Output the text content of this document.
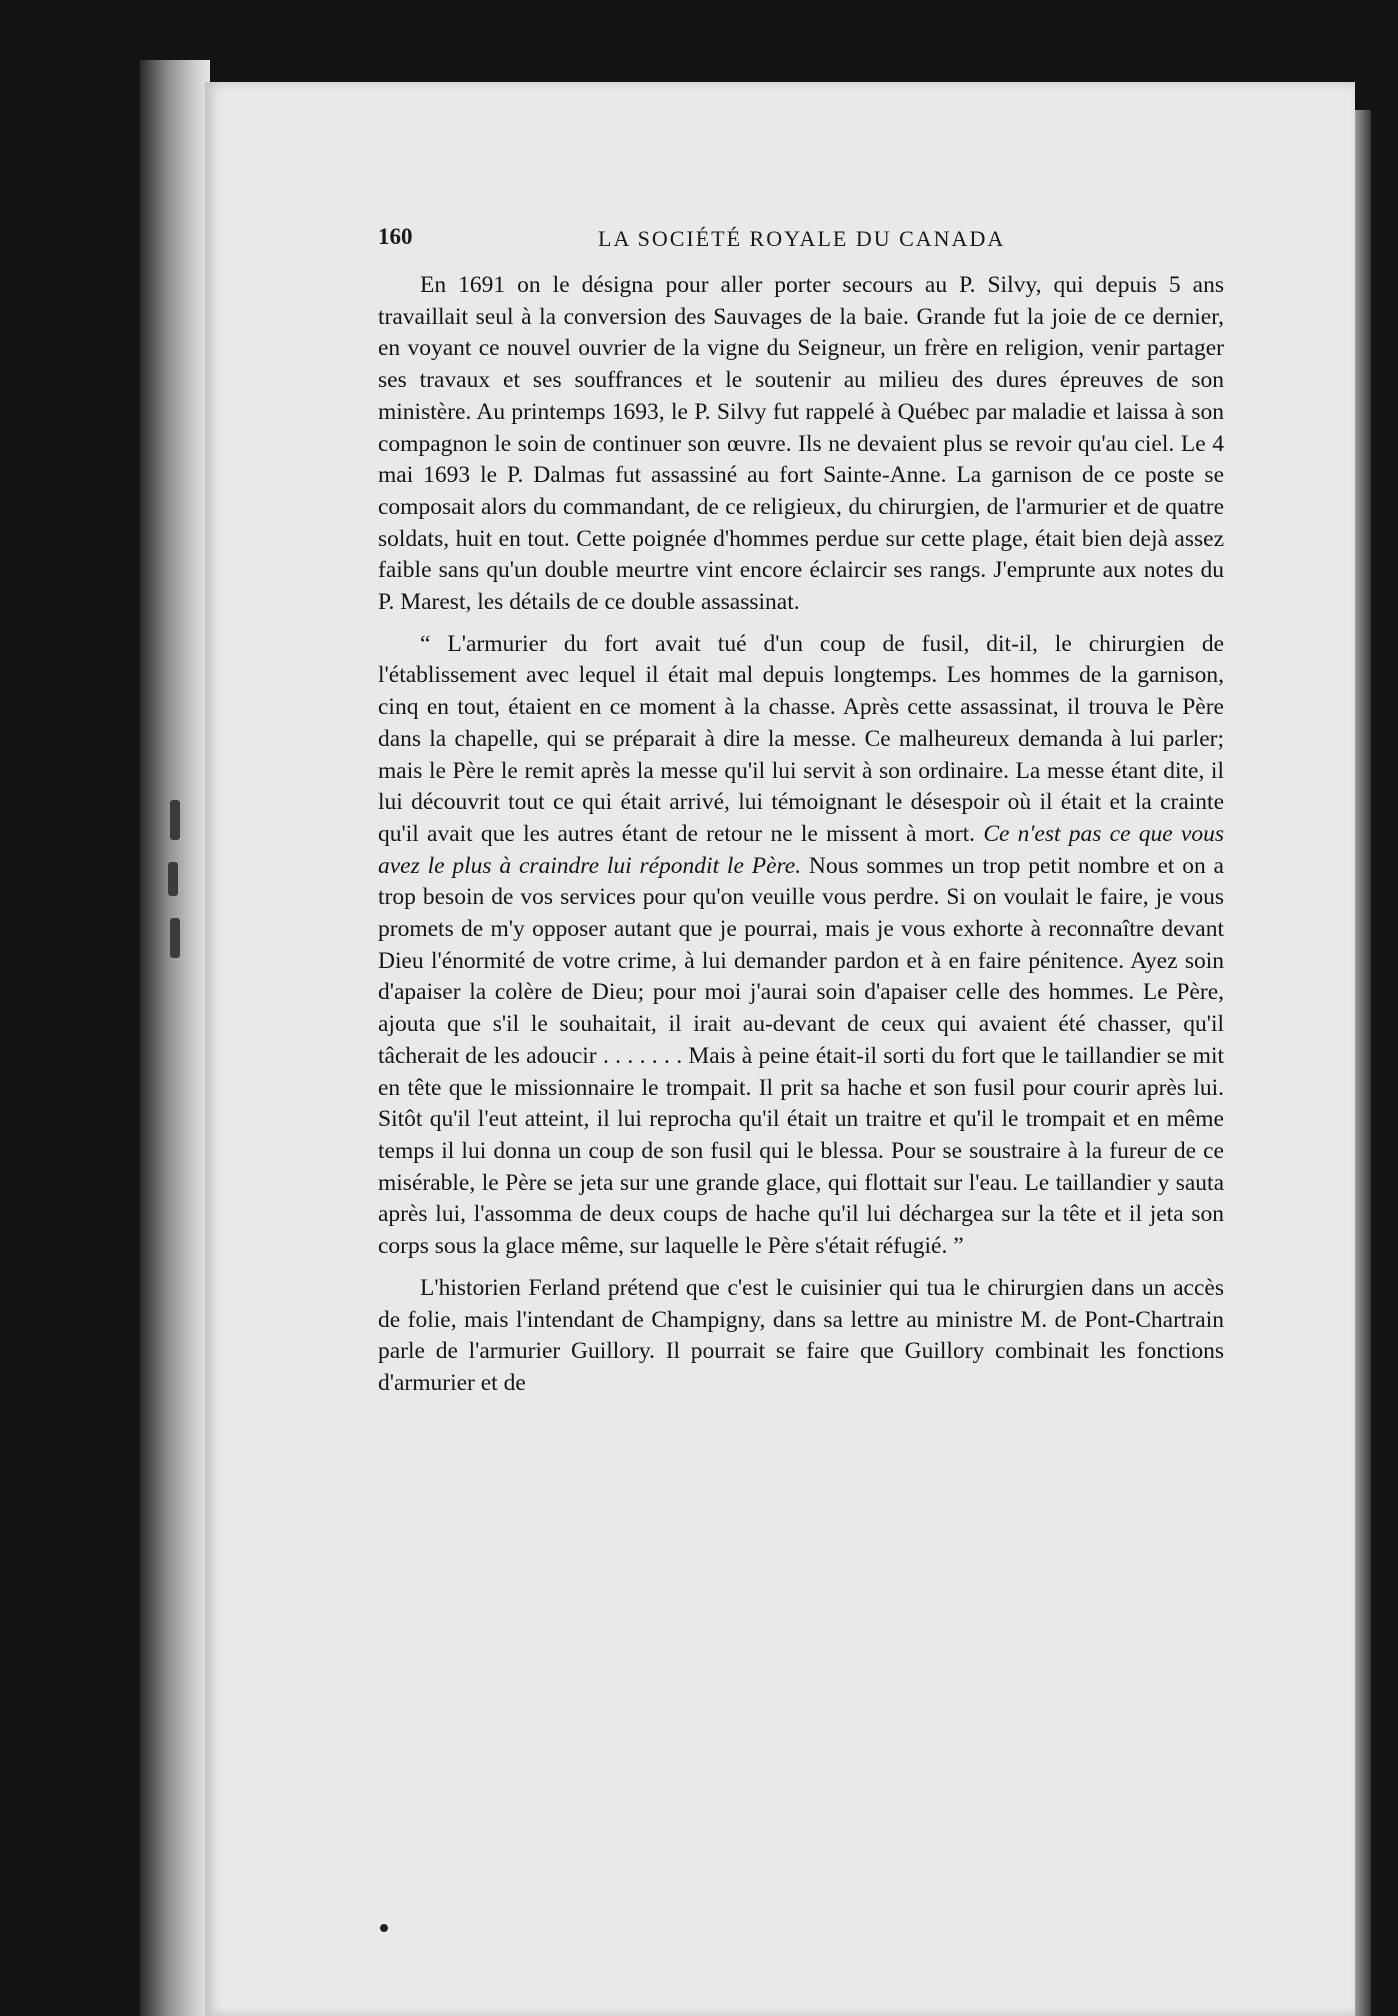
160	LA SOCIÉTÉ ROYALE DU CANADA

En 1691 on le désigna pour aller porter secours au P. Silvy, qui depuis 5 ans travaillait seul à la conversion des Sauvages de la baie. Grande fut la joie de ce dernier, en voyant ce nouvel ouvrier de la vigne du Seigneur, un frère en religion, venir partager ses travaux et ses souffrances et le soutenir au milieu des dures épreuves de son ministère. Au printemps 1693, le P. Silvy fut rappelé à Québec par maladie et laissa à son compagnon le soin de continuer son œuvre. Ils ne devaient plus se revoir qu'au ciel. Le 4 mai 1693 le P. Dalmas fut assassiné au fort Sainte-Anne. La garnison de ce poste se composait alors du commandant, de ce religieux, du chirurgien, de l'armurier et de quatre soldats, huit en tout. Cette poignée d'hommes perdue sur cette plage, était bien dejà assez faible sans qu'un double meurtre vint encore éclaircir ses rangs. J'emprunte aux notes du P. Marest, les détails de ce double assassinat.

“ L'armurier du fort avait tué d'un coup de fusil, dit-il, le chirurgien de l'établissement avec lequel il était mal depuis longtemps. Les hommes de la garnison, cinq en tout, étaient en ce moment à la chasse. Après cette assassinat, il trouva le Père dans la chapelle, qui se préparait à dire la messe. Ce malheureux demanda à lui parler; mais le Père le remit après la messe qu'il lui servit à son ordinaire. La messe étant dite, il lui découvrit tout ce qui était arrivé, lui témoignant le désespoir où il était et la crainte qu'il avait que les autres étant de retour ne le missent à mort. Ce n'est pas ce que vous avez le plus à craindre lui répondit le Père. Nous sommes un trop petit nombre et on a trop besoin de vos services pour qu'on veuille vous perdre. Si on voulait le faire, je vous promets de m'y opposer autant que je pourrai, mais je vous exhorte à reconnaître devant Dieu l'énormité de votre crime, à lui demander pardon et à en faire pénitence. Ayez soin d'apaiser la colère de Dieu; pour moi j'aurai soin d'apaiser celle des hommes. Le Père, ajouta que s'il le souhaitait, il irait au-devant de ceux qui avaient été chasser, qu'il tâcherait de les adoucir . . . . . . . Mais à peine était-il sorti du fort que le taillandier se mit en tête que le missionnaire le trompait. Il prit sa hache et son fusil pour courir après lui. Sitôt qu'il l'eut atteint, il lui reprocha qu'il était un traitre et qu'il le trompait et en même temps il lui donna un coup de son fusil qui le blessa. Pour se soustraire à la fureur de ce misérable, le Père se jeta sur une grande glace, qui flottait sur l'eau. Le taillandier y sauta après lui, l'assomma de deux coups de hache qu'il lui déchargea sur la tête et il jeta son corps sous la glace même, sur laquelle le Père s'était réfugié. ”

L'historien Ferland prétend que c'est le cuisinier qui tua le chirurgien dans un accès de folie, mais l'intendant de Champigny, dans sa lettre au ministre M. de Pont-Chartrain parle de l'armurier Guillory. Il pourrait se faire que Guillory combinait les fonctions d'armurier et de
